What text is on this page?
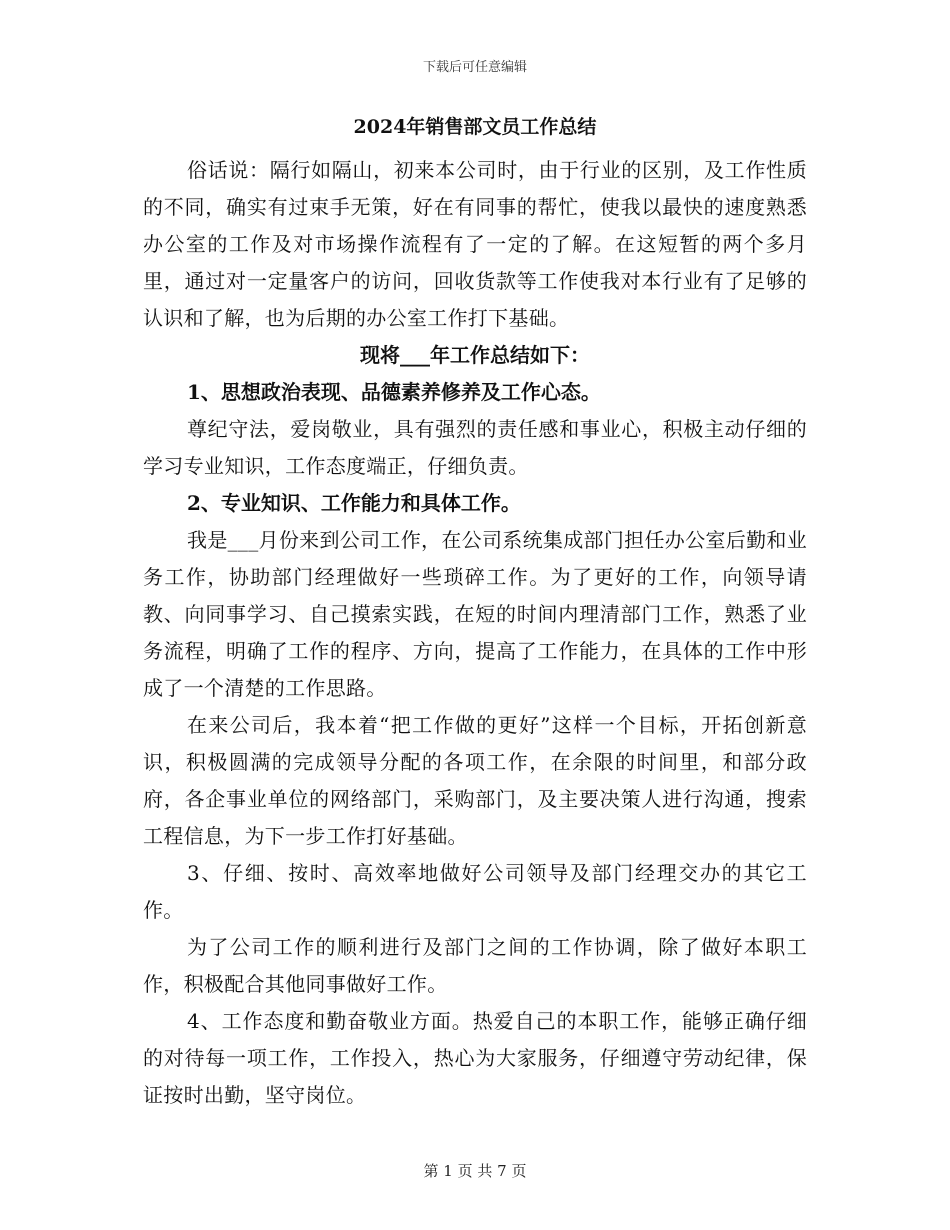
下载后可任意编辑
2024年销售部文员工作总结

俗话说：隔行如隔山，初来本公司时，由于行业的区别，及工作性质的不同，确实有过束手无策，好在有同事的帮忙，使我以最快的速度熟悉办公室的工作及对市场操作流程有了一定的了解。在这短暂的两个多月里，通过对一定量客户的访问，回收货款等工作使我对本行业有了足够的认识和了解，也为后期的办公室工作打下基础。

现将___年工作总结如下：

1、思想政治表现、品德素养修养及工作心态。

尊纪守法，爱岗敬业，具有强烈的责任感和事业心，积极主动仔细的学习专业知识，工作态度端正，仔细负责。

2、专业知识、工作能力和具体工作。

我是___月份来到公司工作，在公司系统集成部门担任办公室后勤和业务工作，协助部门经理做好一些琐碎工作。为了更好的工作，向领导请教、向同事学习、自己摸索实践，在短的时间内理清部门工作，熟悉了业务流程，明确了工作的程序、方向，提高了工作能力，在具体的工作中形成了一个清楚的工作思路。

在来公司后，我本着“把工作做的更好”这样一个目标，开拓创新意识，积极圆满的完成领导分配的各项工作，在余限的时间里，和部分政府，各企事业单位的网络部门，采购部门，及主要决策人进行沟通，搜索工程信息，为下一步工作打好基础。

3、仔细、按时、高效率地做好公司领导及部门经理交办的其它工作。

为了公司工作的顺利进行及部门之间的工作协调，除了做好本职工作，积极配合其他同事做好工作。

4、工作态度和勤奋敬业方面。热爱自己的本职工作，能够正确仔细的对待每一项工作，工作投入，热心为大家服务，仔细遵守劳动纪律，保证按时出勤，坚守岗位。

第 1 页 共 7 页
